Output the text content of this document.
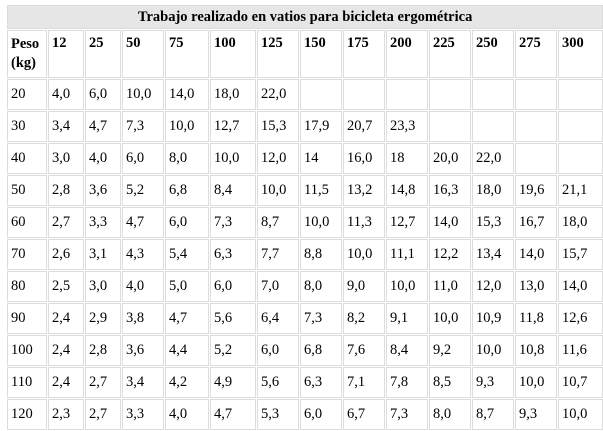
Trabajo realizado en vatios para bicicleta ergométrica													
Peso
(kg)	12	25	50	75	100	125	150	175	200	225	250	275	300
20	4,0	6,0	10,0	14,0	18,0	22,0							
30	3,4	4,7	7,3	10,0	12,7	15,3	17,9	20,7	23,3				
40	3,0	4,0	6,0	8,0	10,0	12,0	14	16,0	18	20,0	22,0		
50	2,8	3,6	5,2	6,8	8,4	10,0	11,5	13,2	14,8	16,3	18,0	19,6	21,1
60	2,7	3,3	4,7	6,0	7,3	8,7	10,0	11,3	12,7	14,0	15,3	16,7	18,0
70	2,6	3,1	4,3	5,4	6,3	7,7	8,8	10,0	11,1	12,2	13,4	14,0	15,7
80	2,5	3,0	4,0	5,0	6,0	7,0	8,0	9,0	10,0	11,0	12,0	13,0	14,0
90	2,4	2,9	3,8	4,7	5,6	6,4	7,3	8,2	9,1	10,0	10,9	11,8	12,6
100	2,4	2,8	3,6	4,4	5,2	6,0	6,8	7,6	8,4	9,2	10,0	10,8	11,6
110	2,4	2,7	3,4	4,2	4,9	5,6	6,3	7,1	7,8	8,5	9,3	10,0	10,7
120	2,3	2,7	3,3	4,0	4,7	5,3	6,0	6,7	7,3	8,0	8,7	9,3	10,0
